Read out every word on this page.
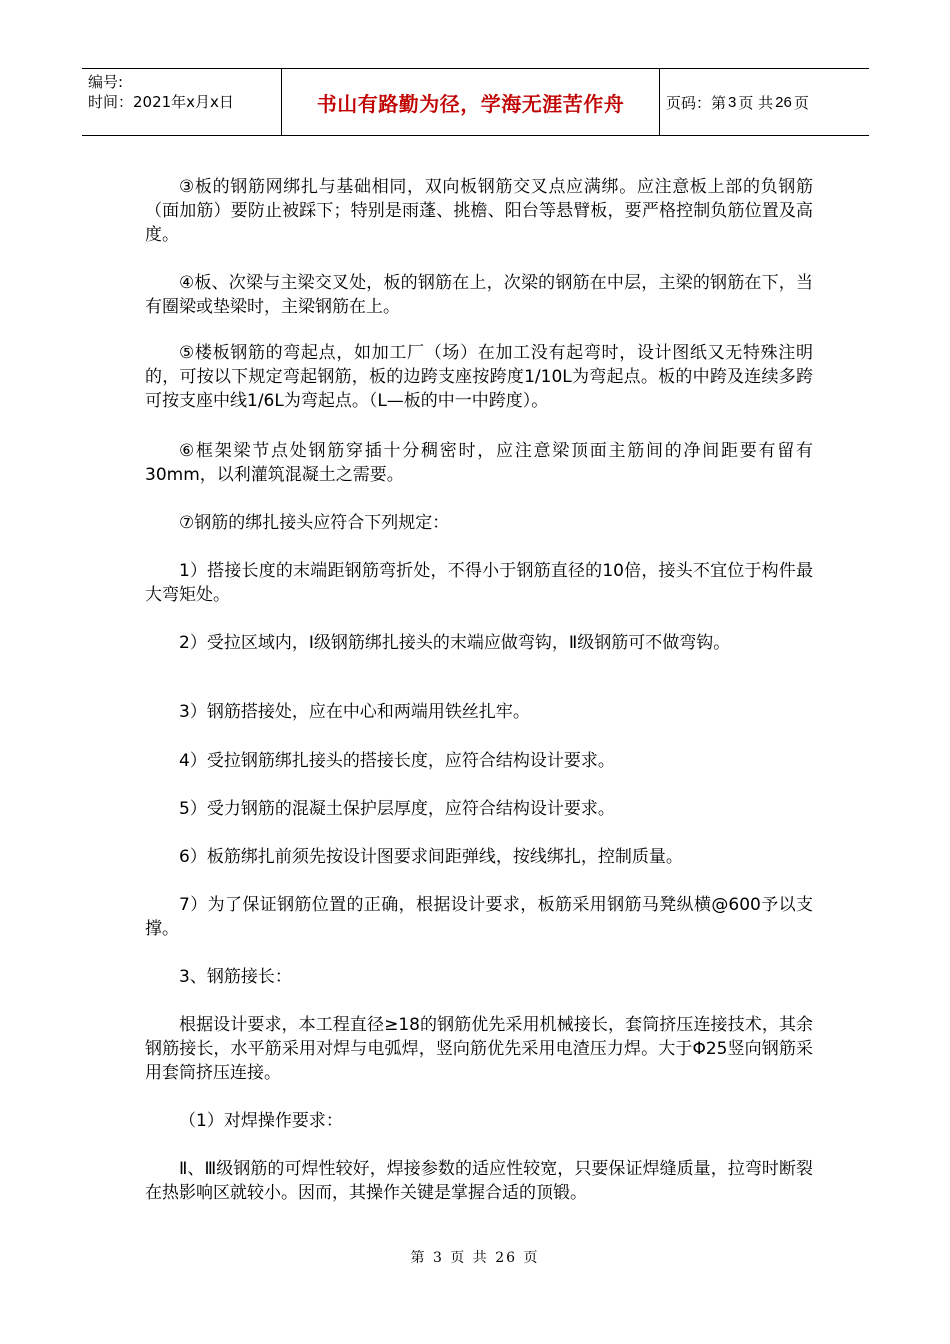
编号:
时间：2021年x月x日	书山有路勤为径，学海无涯苦作舟	页码：第 3 页 共 26 页

③板的钢筋网绑扎与基础相同，双向板钢筋交叉点应满绑。应注意板上部的负钢筋（面加筋）要防止被踩下；特别是雨蓬、挑檐、阳台等悬臂板，要严格控制负筋位置及高度。

④板、次梁与主梁交叉处，板的钢筋在上，次梁的钢筋在中层，主梁的钢筋在下，当有圈梁或垫梁时，主梁钢筋在上。

⑤楼板钢筋的弯起点，如加工厂（场）在加工没有起弯时，设计图纸又无特殊注明的，可按以下规定弯起钢筋，板的边跨支座按跨度1/10L为弯起点。板的中跨及连续多跨可按支座中线1/6L为弯起点。（L—板的中一中跨度）。

⑥框架梁节点处钢筋穿插十分稠密时，应注意梁顶面主筋间的净间距要有留有30mm，以利灌筑混凝土之需要。

⑦钢筋的绑扎接头应符合下列规定：

1）搭接长度的末端距钢筋弯折处，不得小于钢筋直径的10倍，接头不宜位于构件最大弯矩处。

2）受拉区域内，Ⅰ级钢筋绑扎接头的末端应做弯钩，Ⅱ级钢筋可不做弯钩。

3）钢筋搭接处，应在中心和两端用铁丝扎牢。

4）受拉钢筋绑扎接头的搭接长度，应符合结构设计要求。

5）受力钢筋的混凝土保护层厚度，应符合结构设计要求。

6）板筋绑扎前须先按设计图要求间距弹线，按线绑扎，控制质量。

7）为了保证钢筋位置的正确，根据设计要求，板筋采用钢筋马凳纵横@600予以支撑。

3、钢筋接长：

根据设计要求，本工程直径≥18的钢筋优先采用机械接长，套筒挤压连接技术，其余钢筋接长，水平筋采用对焊与电弧焊，竖向筋优先采用电渣压力焊。大于Φ25竖向钢筋采用套筒挤压连接。

（1）对焊操作要求：

Ⅱ、Ⅲ级钢筋的可焊性较好，焊接参数的适应性较宽，只要保证焊缝质量，拉弯时断裂在热影响区就较小。因而，其操作关键是掌握合适的顶锻。

第 3 页 共 26 页
